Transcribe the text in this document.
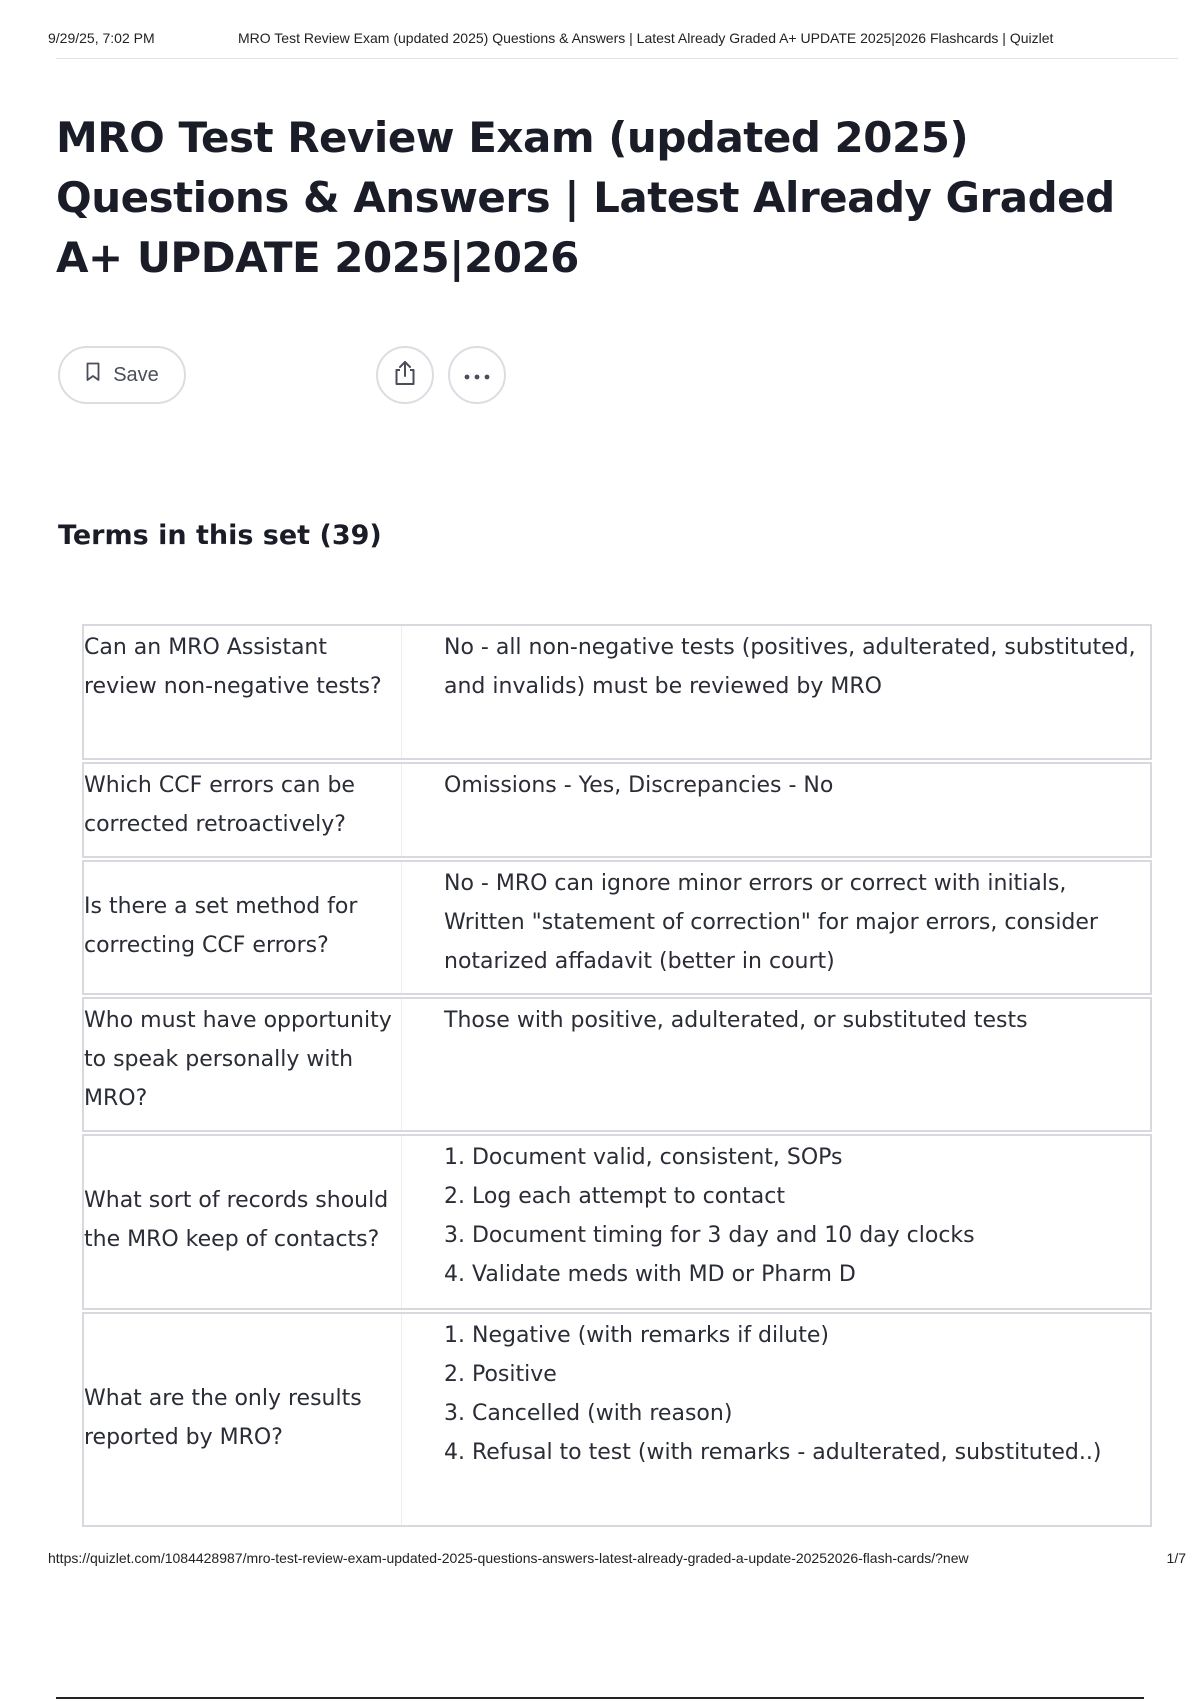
9/29/25, 7:02 PM	MRO Test Review Exam (updated 2025) Questions & Answers | Latest Already Graded A+ UPDATE 2025|2026 Flashcards | Quizlet
MRO Test Review Exam (updated 2025) Questions & Answers | Latest Already Graded A+ UPDATE 2025|2026
Save
Terms in this set (39)
Can an MRO Assistant review non-negative tests?
No - all non-negative tests (positives, adulterated, substituted, and invalids) must be reviewed by MRO
Which CCF errors can be corrected retroactively?
Omissions - Yes, Discrepancies - No
Is there a set method for correcting CCF errors?
No - MRO can ignore minor errors or correct with initials, Written "statement of correction" for major errors, consider notarized affadavit (better in court)
Who must have opportunity to speak personally with MRO?
Those with positive, adulterated, or substituted tests
What sort of records should the MRO keep of contacts?
1. Document valid, consistent, SOPs
2. Log each attempt to contact
3. Document timing for 3 day and 10 day clocks
4. Validate meds with MD or Pharm D
What are the only results reported by MRO?
1. Negative (with remarks if dilute)
2. Positive
3. Cancelled (with reason)
4. Refusal to test (with remarks - adulterated, substituted..)
https://quizlet.com/1084428987/mro-test-review-exam-updated-2025-questions-answers-latest-already-graded-a-update-20252026-flash-cards/?new	1/7
